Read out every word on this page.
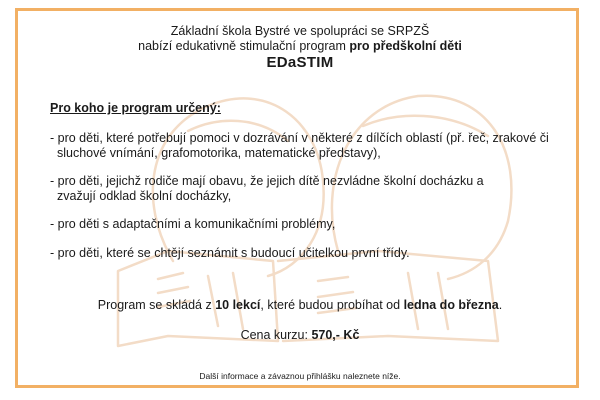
Základní škola Bystré ve spolupráci se SRPZŠ
nabízí edukativně stimulační program pro předškolní děti
EDaSTIM
Pro koho je program určený:
- pro děti, které potřebují pomoci v dozrávání v některé z dílčích oblastí (př. řeč, zrakové či
sluchové vnímání, grafomotorika, matematické představy),
- pro děti, jejichž rodiče mají obavu, že jejich dítě nezvládne školní docházku a
zvažují odklad školní docházky,
- pro děti s adaptačními a komunikačními problémy,
- pro děti, které se chtějí seznámit s budoucí učitelkou první třídy.
Program se skládá z 10 lekcí, které budou probíhat od ledna do března.
Cena kurzu: 570,- Kč
Další informace a závaznou přihlášku naleznete níže.
